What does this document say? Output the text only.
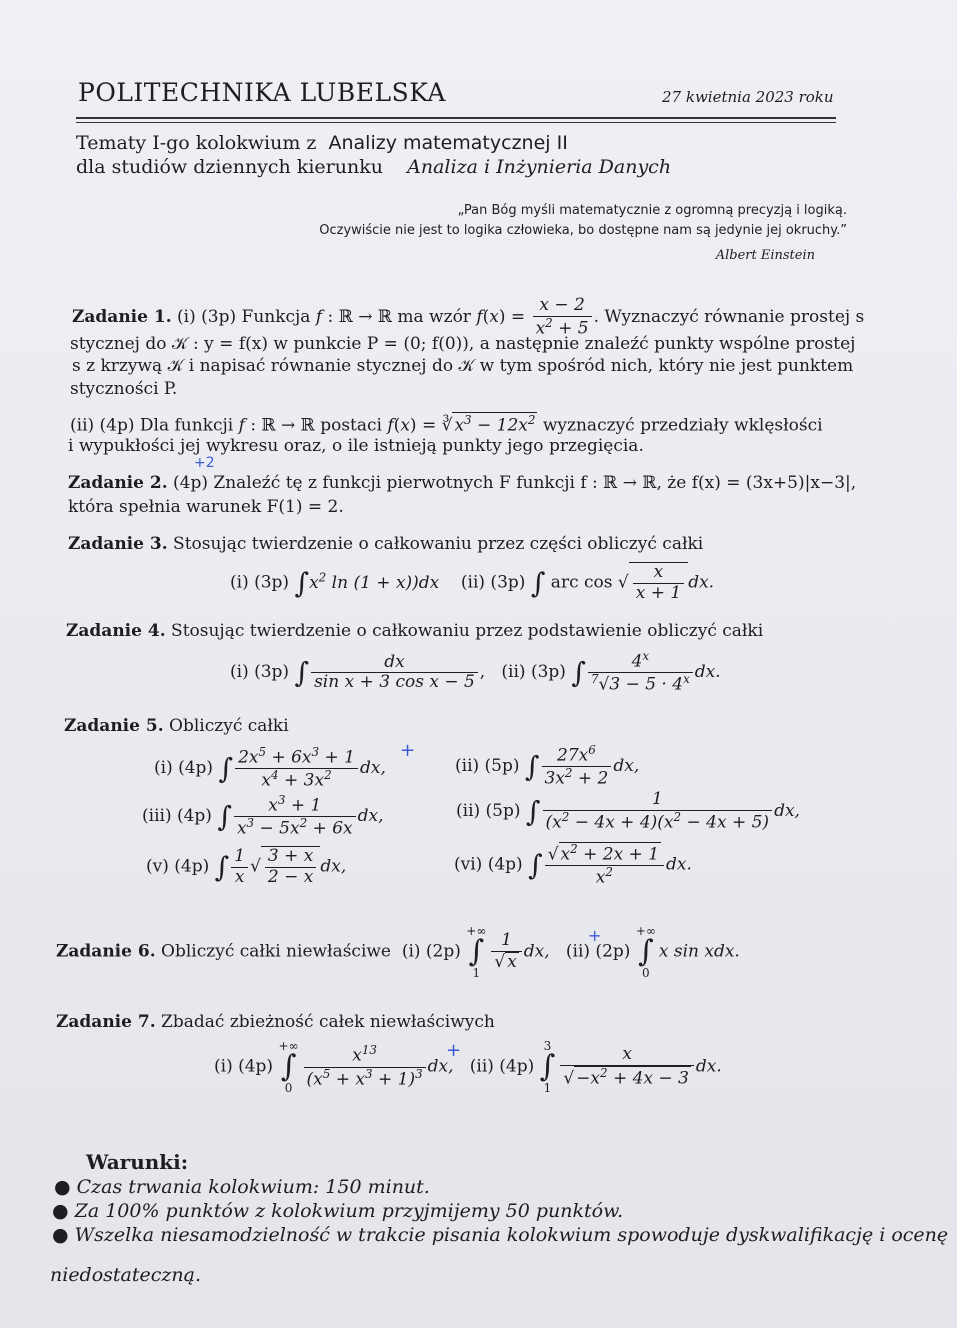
POLITECHNIKA LUBELSKA	27 kwietnia 2023 roku
Tematy I-go kolokwium z Analizy matematycznej II
dla studiów dziennych kierunku Analiza i Inżynieria Danych
„Pan Bóg myśli matematycznie z ogromną precyzją i logiką.
Oczywiście nie jest to logika człowieka, bo dostępne nam są jedynie jej okruchy.”
Albert Einstein
Zadanie 1. (i) (3p) Funkcja f : ℝ → ℝ ma wzór $f(x) = \frac{x - 2}{x^2 + 5}$ . Wyznaczyć równanie prostej s
stycznej do 𝒦 : y = f(x) w punkcie P = (0; f(0)), a następnie znaleźć punkty wspólne prostej
s z krzywą 𝒦 i napisać równanie stycznej do 𝒦 w tym spośród nich, który nie jest punktem
styczności P.
(ii) (4p) Dla funkcji f : ℝ → ℝ postaci f(x) = ∛ $x^3 - 12x^2$ wyznaczyć przedziały wklęsłości
i wypukłości jej wykresu oraz, o ile istnieją punkty jego przegięcia.
+2
Zadanie 2. (4p) Znaleźć tę z funkcji pierwotnych F funkcji f : ℝ → ℝ, że f(x) = (3x+5)|x−3|,
która spełnia warunek F(1) = 2.
Zadanie 3. Stosując twierdzenie o całkowaniu przez części obliczyć całki
(i) (3p) $\int x^2$ ln (1 + x))dx (ii) (3p) ∫ arc cos √ $\frac{x}{x + 1}$ dx.
Zadanie 4. Stosując twierdzenie o całkowaniu przez podstawienie obliczyć całki
(i) (3p) ∫ $\frac{dx}{\text{sin x + 3 cos x − 5}}$ ,   (ii) (3p) ∫ $\frac{4^x}{^7√3 - 5 \cdot 4^x}$ dx.
Zadanie 5. Obliczyć całki
+
(i) (4p) ∫ $\frac{2x^5 + 6x^3 + 1}{x^4 + 3x^2}$ dx,	(ii) (5p) ∫ $\frac{27x^6}{3x^2 + 2}$ dx,
(iii) (4p) ∫ $\frac{x^3 + 1}{x^3 - 5x^2 + 6x}$ dx,	(ii) (5p) ∫ $\frac{1}{(x^2 - 4x + 4)(x^2 - 4x + 5)}$ dx,
(v) (4p) ∫ $\frac{1}{x}$ √ $\frac{3 + x}{2 - x}$ dx,	(vi) (4p) ∫ $\frac{√ x^2 + 2x + 1}{x^2}$ dx.
+
Zadanie 6. Obliczyć całki niewłaściwe (i) (2p) +∞
∫
1
$\frac{1}{√ x}$ dx, (ii) (2p) +∞
∫
0x sin xdx.
Zadanie 7. Zbadać zbieżność całek niewłaściwych
+
(i) (4p) +∞
∫
$0 \frac{x^{13}}{(x^5 + x^3 + 1)^3}$ dx, (ii) (4p) 3
∫
$1 \frac{x}{√ -x^2 + 4x - 3}$ dx.
Warunki:
● Czas trwania kolokwium: 150 minut.
● Za 100% punktów z kolokwium przyjmijemy 50 punktów.
● Wszelka niesamodzielność w trakcie pisania kolokwium spowoduje dyskwalifikację i ocenę
niedostateczną.
